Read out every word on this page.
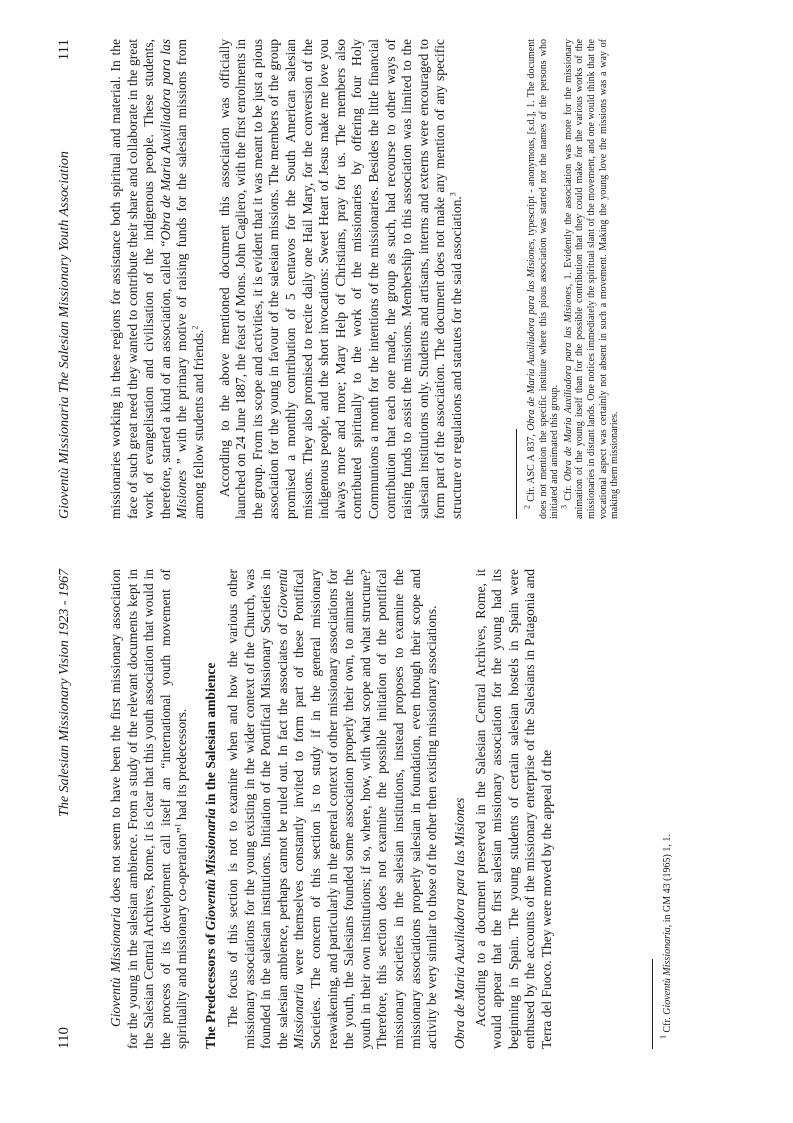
110
The Salesian Missionary Vision 1923 - 1967

Gioventù Missionaria does not seem to have been the first missionary association for the young in the salesian ambience. From a study of the relevant documents kept in the Salesian Central Archives, Rome, it is clear that this youth association that would in the process of its development call itself an “international youth movement of spirituality and missionary co-operation”$^1$ had its predecessors.

The Predecessors of Gioventù Missionaria in the Salesian ambience The focus of this section is not to examine when and how the various other missionary associations for the young existing in the wider context of the Church, was founded in the salesian institutions. Initiation of the Pontifical Missionary Societies in the salesian ambience, perhaps cannot be ruled out. In fact the associates of Gioventù Missionaria were themselves constantly invited to form part of these Pontifical Societies. The concern of this section is to study if in the general missionary reawakening, and particularly in the general context of other missionary associations for the youth, the Salesians founded some association properly their own, to animate the youth in their own institutions; if so, where, how, with what scope and what structure? Therefore, this section does not examine the possible initiation of the pontifical missionary societies in the salesian institutions, instead proposes to examine the missionary associations properly salesian in foundation, even though their scope and activity be very similar to those of the other then existing missionary associations. Obra de Maria Auxiliadora para las Misiones According to a document preserved in the Salesian Central Archives, Rome, it would appear that the first salesian missionary association for the young had its beginning in Spain. The young students of certain salesian hostels in Spain were enthused by the accounts of the missionary enterprise of the Salesians in Patagonia and Terra del Fuoco. They were moved by the appeal of the	$^1$ Cfr. Gioventù Missionaria, in GM 43 (1965) 1, 1.

Gioventù Missionaria The Salesian Missionary Youth Association
111	missionaries working in these regions for assistance both spiritual and material. In the face of such great need they wanted to contribute their share and collaborate in the great work of evangelisation and civilisation of the indigenous people. These students, therefore, started a kind of an association, called “Obra de Maria Auxiliadora para las Misiones ” with the primary motive of raising funds for the salesian missions from among fellow students and friends.$^2$	According to the above mentioned document this association was officially launched on 24 June 1887, the feast of Mons. John Cagliero, with the first enrolments in the group. From its scope and activities, it is evident that it was meant to be just a pious association for the young in favour of the salesian missions. The members of the group promised a monthly contribution of 5 centavos for the South American salesian missions. They also promised to recite daily one Hail Mary, for the conversion of the indigenous people, and the short invocations: Sweet Heart of Jesus make me love you always more and more; Mary Help of Christians, pray for us. The members also contributed spiritually to the work of the missionaries by offering four Holy Communions a month for the intentions of the missionaries. Besides the little financial contribution that each one made, the group as such, had recourse to other ways of raising funds to assist the missions. Membership to this association was limited to the salesian institutions only. Students and artisans, interns and externs were encouraged to form part of the association. The document does not make any mention of any specific structure or regulations and statutes for the said association.$^3$

$^2$ Cfr. ASC A 837, Obra de Maria Auxiliadora para las Misiones, typescript - anonymous, [s.d.], 1. The document does not mention the specific institute where this pious association was started nor the names of the persons who initiated and animated this group. $^3$ Cfr. Obra de Maria Auxiliadora para las Misiones, 1. Evidently the association was more for the missionary animation of the young itself than for the possible contribution that they could make for the various works of the missionaries in distant lands. One notices immediately the spiritual slant of the movement, and one would think that the vocational aspect was certainly not absent in such a movement. Making the young love the missions was a way of making them missionaries.
